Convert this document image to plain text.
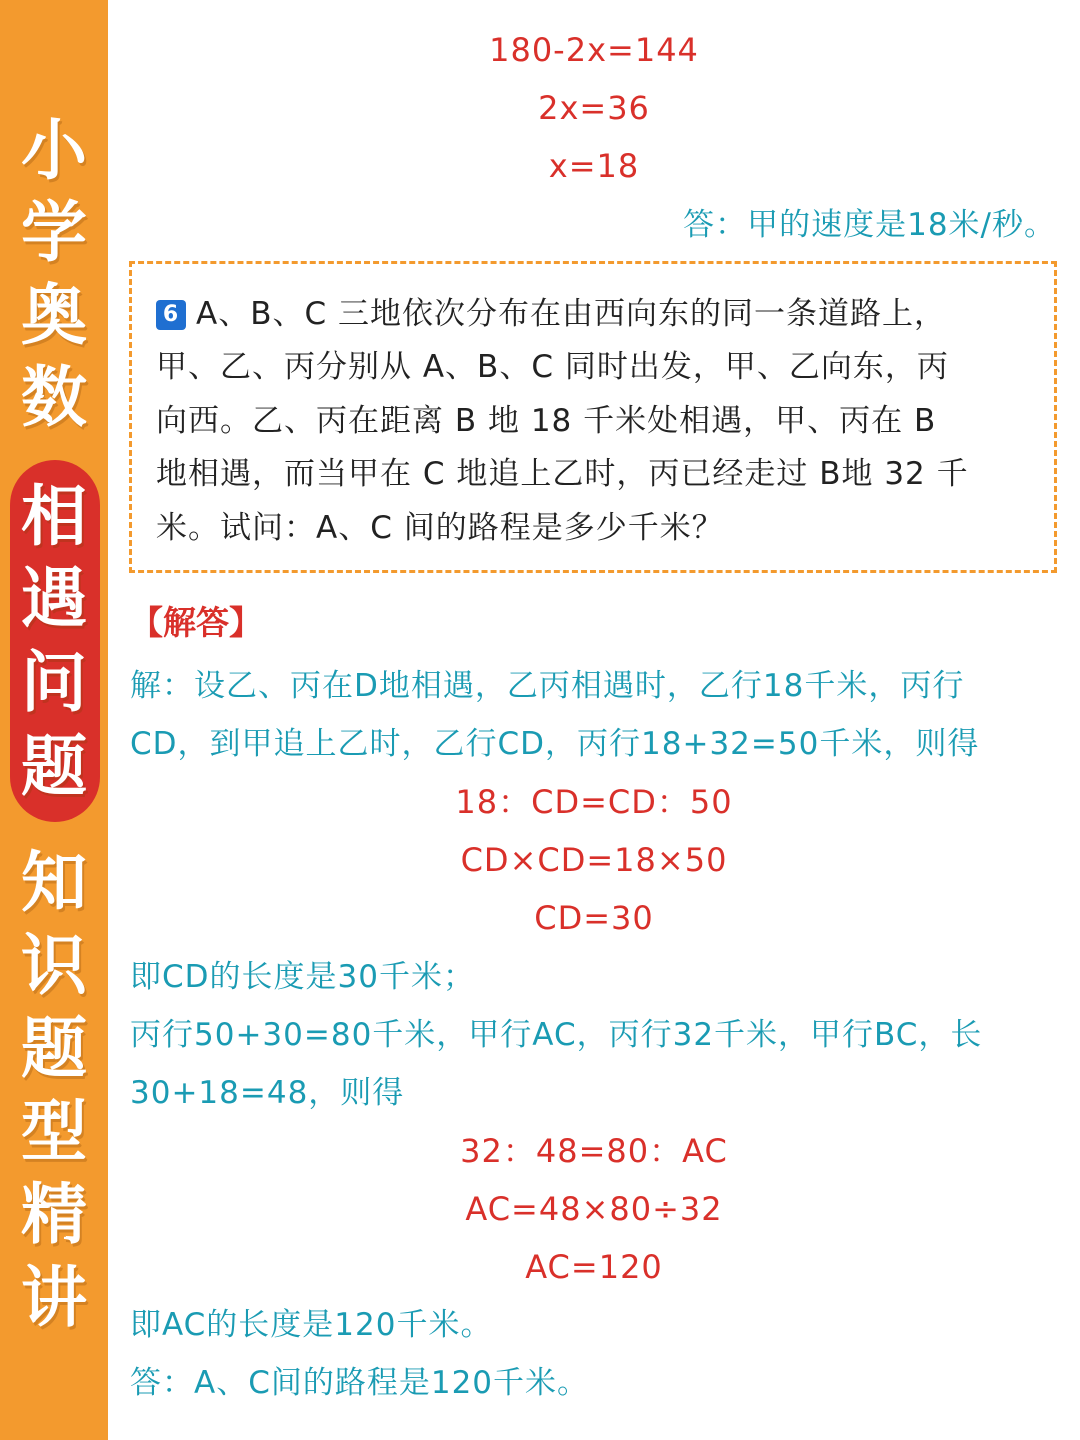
小
学
奥
数
相
遇
问
题
知
识
题
型
精
讲
180-2x=144
2x=36
x=18
答：甲的速度是18米/秒。
6 A、B、C 三地依次分布在由西向东的同一条道路上，
甲、乙、丙分别从 A、B、C 同时出发，甲、乙向东，丙
向西。乙、丙在距离 B 地 18 千米处相遇，甲、丙在 B
地相遇，而当甲在 C 地追上乙时，丙已经走过 B地 32 千
米。试问：A、C 间的路程是多少千米？
【解答】
解：设乙、丙在D地相遇，乙丙相遇时，乙行18千米，丙行
CD，到甲追上乙时，乙行CD，丙行18+32=50千米，则得
18：CD=CD：50
CD×CD=18×50
CD=30
即CD的长度是30千米；
丙行50+30=80千米，甲行AC，丙行32千米，甲行BC，长
30+18=48，则得
32：48=80：AC
AC=48×80÷32
AC=120
即AC的长度是120千米。
答：A、C间的路程是120千米。
